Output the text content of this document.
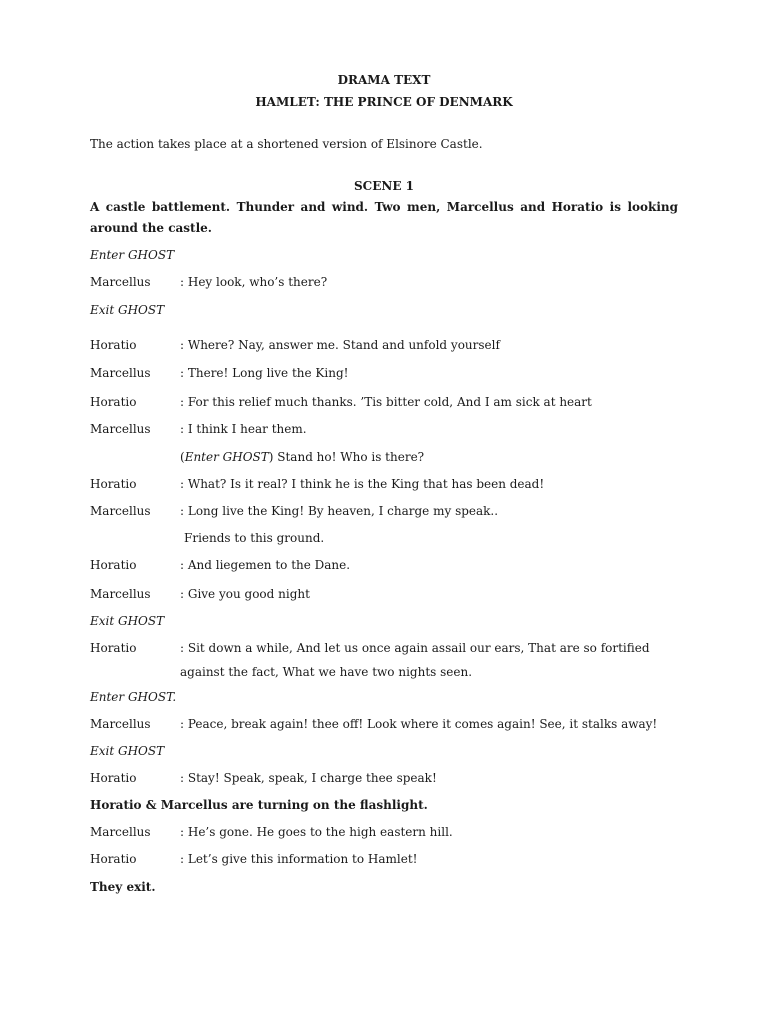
DRAMA TEXT
HAMLET: THE PRINCE OF DENMARK
The action takes place at a shortened version of Elsinore Castle.
SCENE 1
A castle battlement. Thunder and wind. Two men, Marcellus and Horatio is looking around the castle.
Enter GHOST
Marcellus : Hey look, who’s there?
Exit GHOST
Horatio	: Where? Nay, answer me. Stand and unfold yourself
Marcellus : There! Long live the King!
Horatio	: For this relief much thanks. ’Tis bitter cold, And I am sick at heart
Marcellus : I think I hear them.
(Enter GHOST) Stand ho! Who is there?
Horatio	: What? Is it real? I think he is the King that has been dead!
Marcellus : Long live the King! By heaven, I charge my speak..
Friends to this ground.
Horatio	: And liegemen to the Dane.
Marcellus : Give you good night
Exit GHOST
Horatio	: Sit down a while, And let us once again assail our ears, That are so fortified against the fact, What we have two nights seen.
Enter GHOST.
Marcellus : Peace, break again! thee off! Look where it comes again! See, it stalks away!
Exit GHOST
Horatio	: Stay! Speak, speak, I charge thee speak!
Horatio & Marcellus are turning on the flashlight.
Marcellus : He’s gone. He goes to the high eastern hill.
Horatio	: Let’s give this information to Hamlet!
They exit.
